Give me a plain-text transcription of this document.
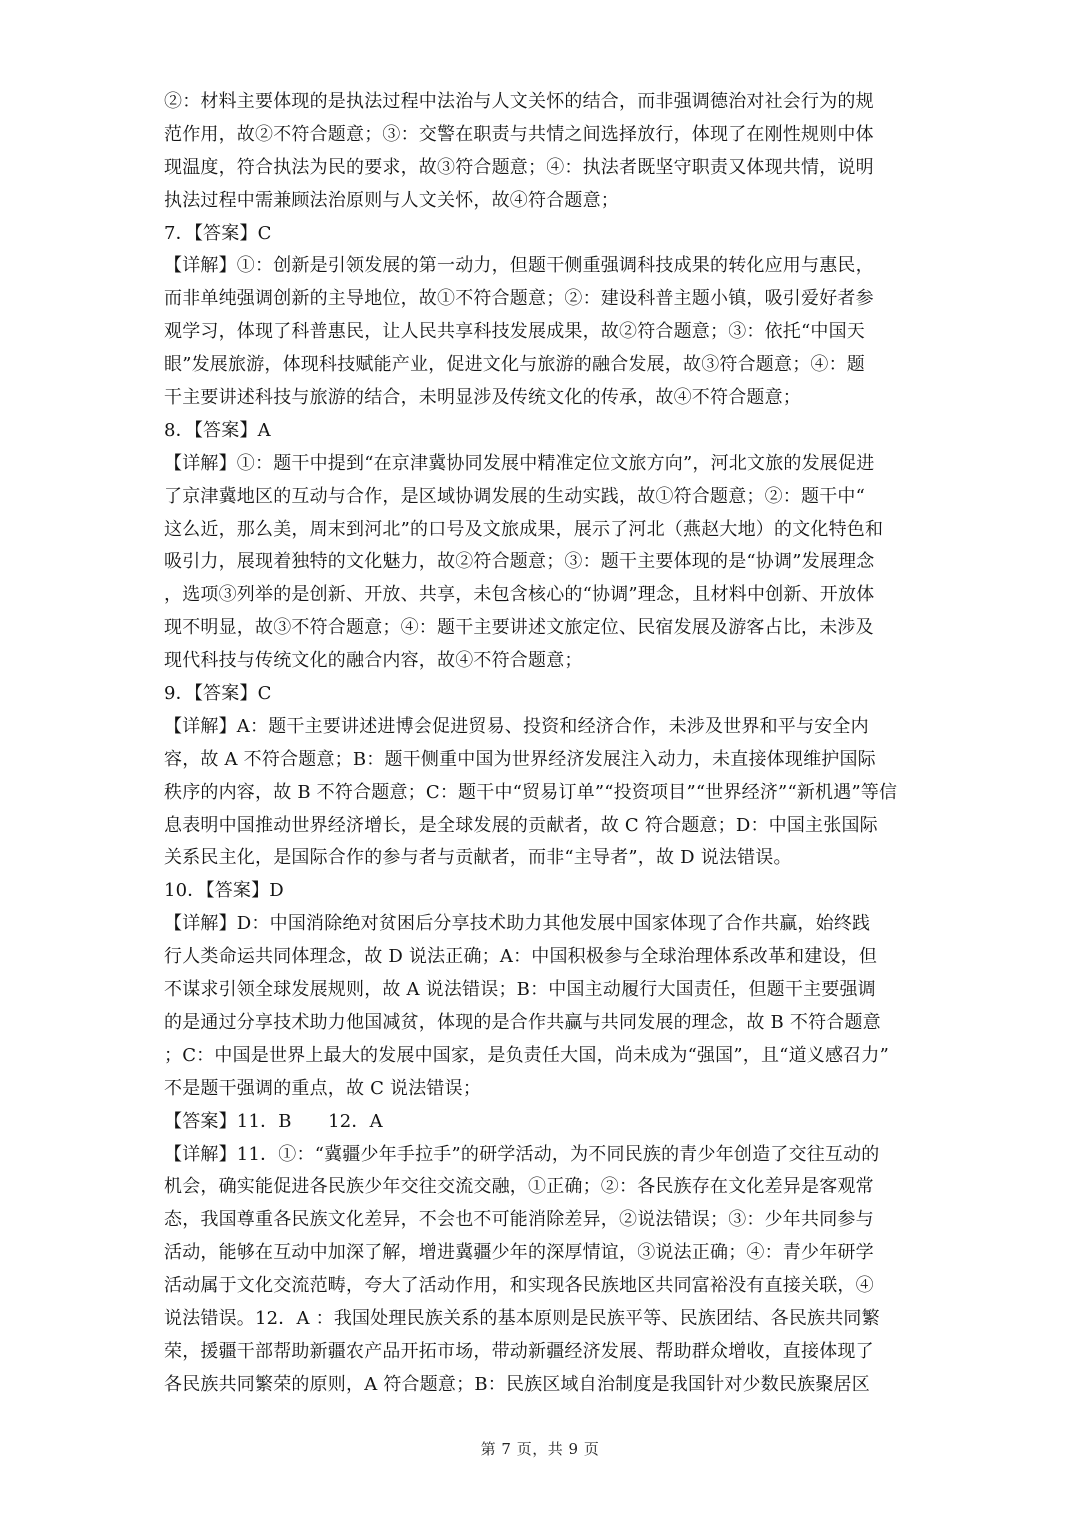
②：材料主要体现的是执法过程中法治与人文关怀的结合，而非强调德治对社会行为的规
范作用，故②不符合题意；③：交警在职责与共情之间选择放行，体现了在刚性规则中体
现温度，符合执法为民的要求，故③符合题意；④：执法者既坚守职责又体现共情，说明
执法过程中需兼顾法治原则与人文关怀，故④符合题意；
7．【答案】C
【详解】①：创新是引领发展的第一动力，但题干侧重强调科技成果的转化应用与惠民，
而非单纯强调创新的主导地位，故①不符合题意；②：建设科普主题小镇，吸引爱好者参
观学习，体现了科普惠民，让人民共享科技发展成果，故②符合题意；③：依托“中国天
眼”发展旅游，体现科技赋能产业，促进文化与旅游的融合发展，故③符合题意；④：题
干主要讲述科技与旅游的结合，未明显涉及传统文化的传承，故④不符合题意；
8．【答案】A
【详解】①：题干中提到“在京津冀协同发展中精准定位文旅方向”，河北文旅的发展促进
了京津冀地区的互动与合作，是区域协调发展的生动实践，故①符合题意；②：题干中“
这么近，那么美，周末到河北”的口号及文旅成果，展示了河北（燕赵大地）的文化特色和
吸引力，展现着独特的文化魅力，故②符合题意；③：题干主要体现的是“协调”发展理念
，选项③列举的是创新、开放、共享，未包含核心的“协调”理念，且材料中创新、开放体
现不明显，故③不符合题意；④：题干主要讲述文旅定位、民宿发展及游客占比，未涉及
现代科技与传统文化的融合内容，故④不符合题意；
9．【答案】C
【详解】A：题干主要讲述进博会促进贸易、投资和经济合作，未涉及世界和平与安全内
容，故 A 不符合题意；B：题干侧重中国为世界经济发展注入动力，未直接体现维护国际
秩序的内容，故 B 不符合题意；C：题干中“贸易订单”“投资项目”“世界经济”“新机遇”等信
息表明中国推动世界经济增长，是全球发展的贡献者，故 C 符合题意；D：中国主张国际
关系民主化，是国际合作的参与者与贡献者，而非“主导者”，故 D 说法错误。
10．【答案】D
【详解】D：中国消除绝对贫困后分享技术助力其他发展中国家体现了合作共赢，始终践
行人类命运共同体理念，故 D 说法正确；A：中国积极参与全球治理体系改革和建设，但
不谋求引领全球发展规则，故 A 说法错误；B：中国主动履行大国责任，但题干主要强调
的是通过分享技术助力他国减贫，体现的是合作共赢与共同发展的理念，故 B 不符合题意
；C：中国是世界上最大的发展中国家，是负责任大国，尚未成为“强国”，且“道义感召力”
不是题干强调的重点，故 C 说法错误；
【答案】11．B　　12．A
【详解】11．①：“冀疆少年手拉手”的研学活动，为不同民族的青少年创造了交往互动的
机会，确实能促进各民族少年交往交流交融，①正确；②：各民族存在文化差异是客观常
态，我国尊重各民族文化差异，不会也不可能消除差异，②说法错误；③：少年共同参与
活动，能够在互动中加深了解，增进冀疆少年的深厚情谊，③说法正确；④：青少年研学
活动属于文化交流范畴，夸大了活动作用，和实现各民族地区共同富裕没有直接关联，④
说法错误。12．A ：我国处理民族关系的基本原则是民族平等、民族团结、各民族共同繁
荣，援疆干部帮助新疆农产品开拓市场，带动新疆经济发展、帮助群众增收，直接体现了
各民族共同繁荣的原则，A 符合题意；B：民族区域自治制度是我国针对少数民族聚居区
第 7 页，共 9 页
